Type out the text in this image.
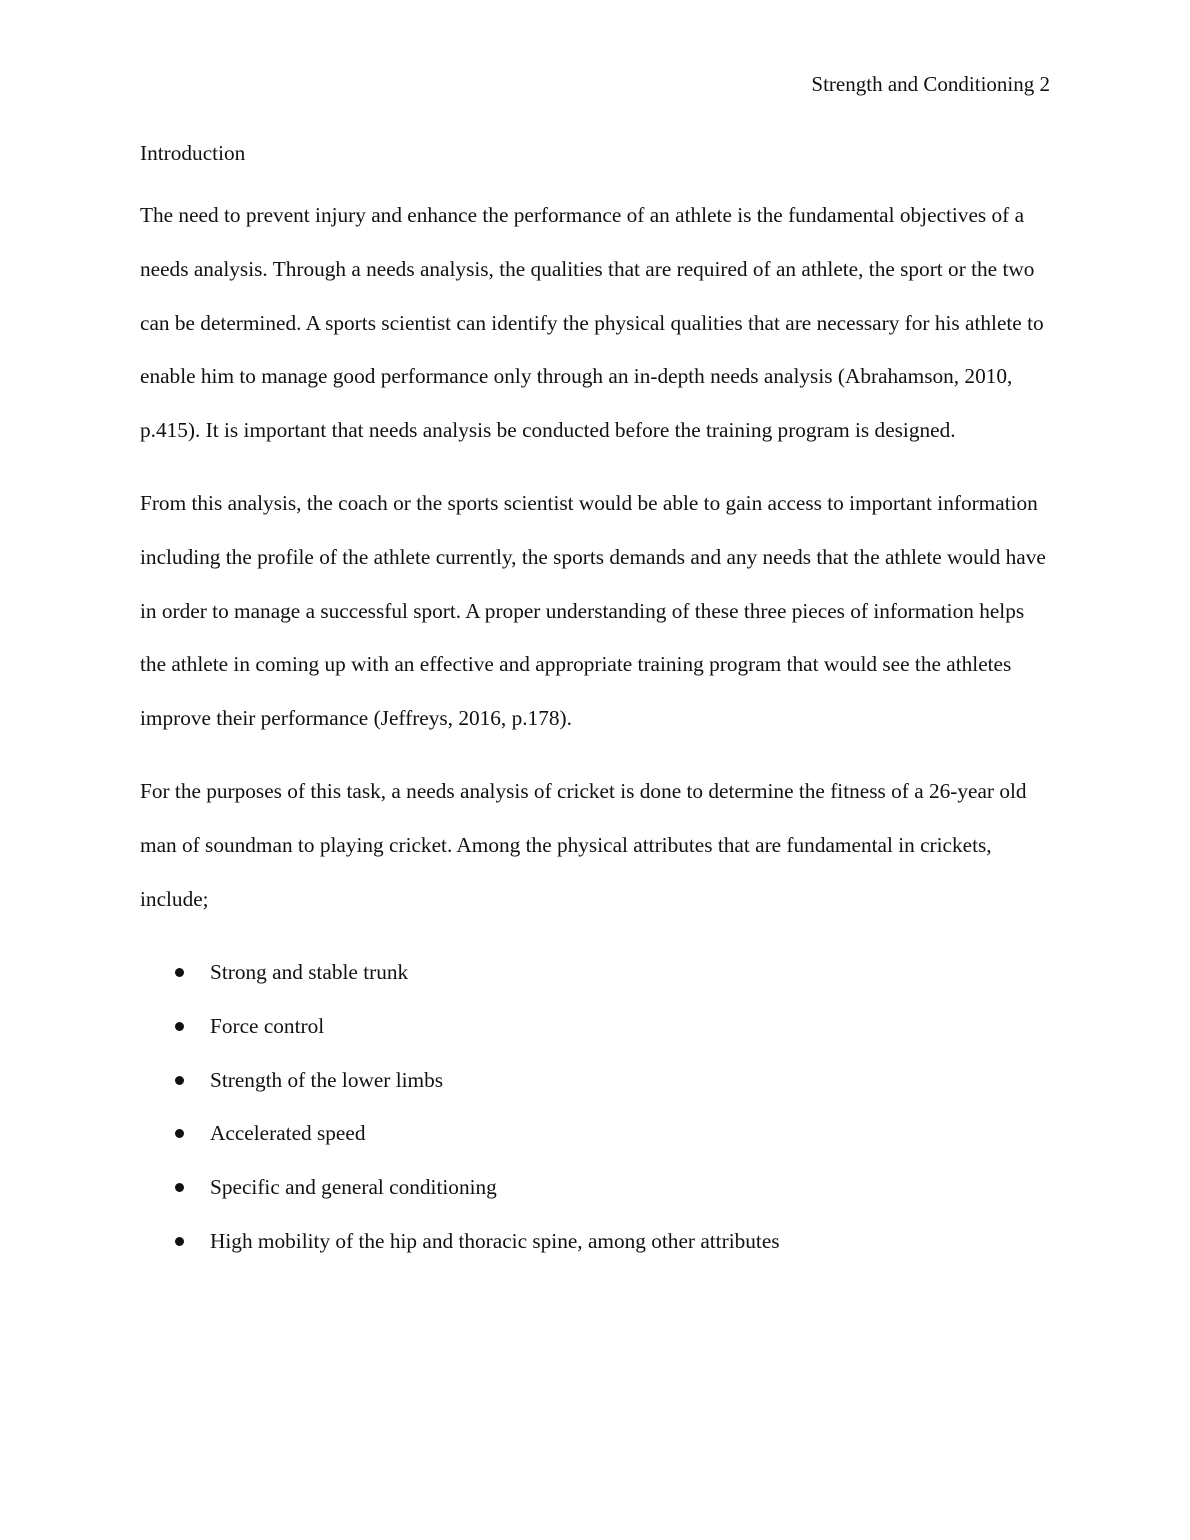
Strength and Conditioning 2
Introduction

The need to prevent injury and enhance the performance of an athlete is the fundamental objectives of a needs analysis. Through a needs analysis, the qualities that are required of an athlete, the sport or the two can be determined. A sports scientist can identify the physical qualities that are necessary for his athlete to enable him to manage good performance only through an in-depth needs analysis (Abrahamson, 2010, p.415). It is important that needs analysis be conducted before the training program is designed.

From this analysis, the coach or the sports scientist would be able to gain access to important information including the profile of the athlete currently, the sports demands and any needs that the athlete would have in order to manage a successful sport. A proper understanding of these three pieces of information helps the athlete in coming up with an effective and appropriate training program that would see the athletes improve their performance (Jeffreys, 2016, p.178).

For the purposes of this task, a needs analysis of cricket is done to determine the fitness of a 26-year old man of soundman to playing cricket. Among the physical attributes that are fundamental in crickets, include;

Strong and stable trunk
Force control
Strength of the lower limbs
Accelerated speed
Specific and general conditioning
High mobility of the hip and thoracic spine, among other attributes
